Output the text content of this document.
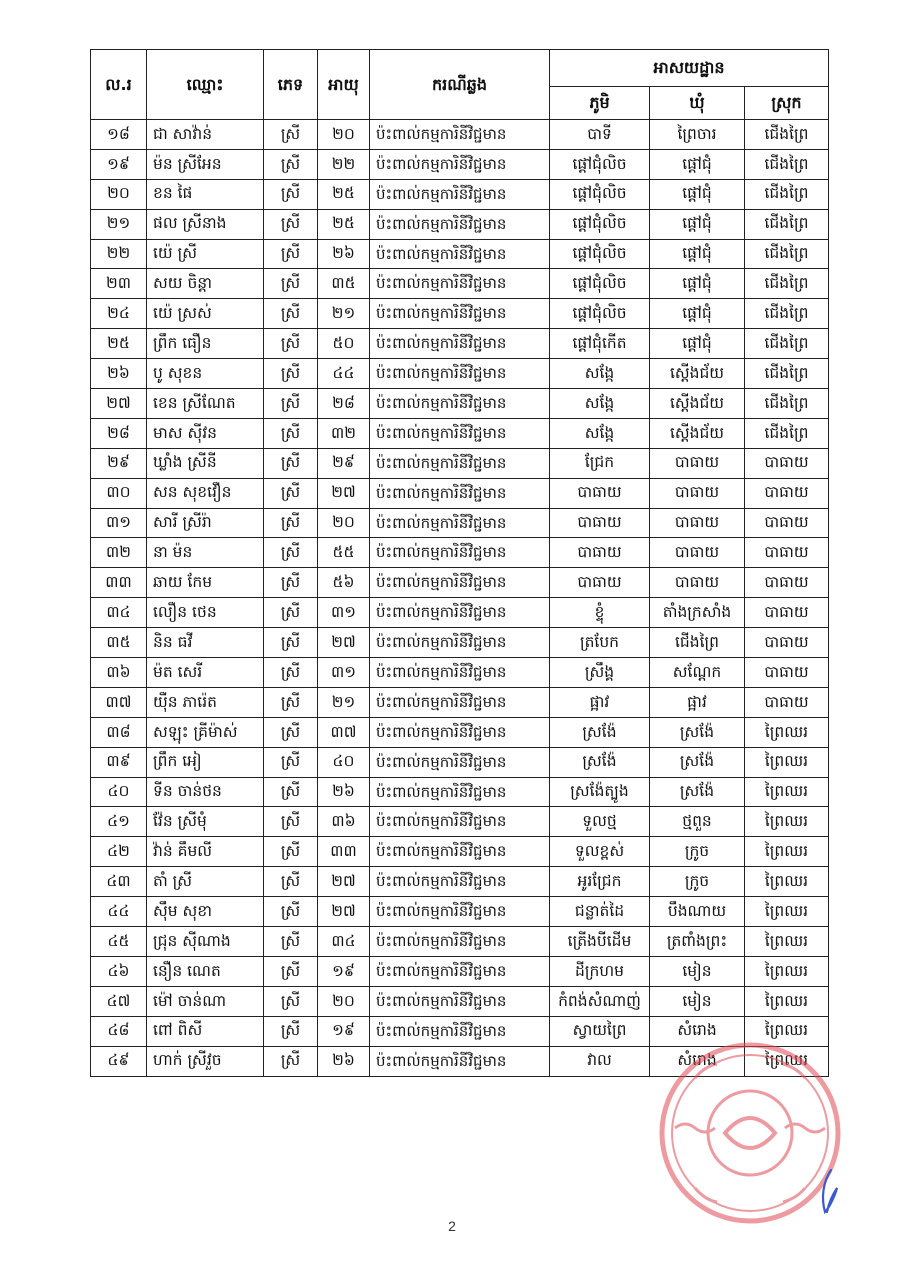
ល.រ	ឈ្មោះ	ភេទ	អាយុ	ករណីឆ្លង	អាសយដ្ឋាន		
					ភូមិ	ឃុំ	ស្រុក
១៨	ជា សាវ៉ាន់	ស្រី	២០	ប៉ះពាល់កម្មការិនីវិជ្ជមាន	បាទី	ព្រៃចារ	ជើងព្រៃ
១៩	ម៉ន ស្រីអែន	ស្រី	២២	ប៉ះពាល់កម្មការិនីវិជ្ជមាន	ផ្តៅជុំលិច	ផ្តៅជុំ	ជើងព្រៃ
២០	ខន ផៃ	ស្រី	២៥	ប៉ះពាល់កម្មការិនីវិជ្ជមាន	ផ្តៅជុំលិច	ផ្តៅជុំ	ជើងព្រៃ
២១	ផល ស្រីនាង	ស្រី	២៥	ប៉ះពាល់កម្មការិនីវិជ្ជមាន	ផ្តៅជុំលិច	ផ្តៅជុំ	ជើងព្រៃ
២២	យ៉េ ស្រី	ស្រី	២៦	ប៉ះពាល់កម្មការិនីវិជ្ជមាន	ផ្តៅជុំលិច	ផ្តៅជុំ	ជើងព្រៃ
២៣	សយ ចិន្តា	ស្រី	៣៥	ប៉ះពាល់កម្មការិនីវិជ្ជមាន	ផ្តៅជុំលិច	ផ្តៅជុំ	ជើងព្រៃ
២៤	យ៉េ ស្រស់	ស្រី	២១	ប៉ះពាល់កម្មការិនីវិជ្ជមាន	ផ្តៅជុំលិច	ផ្តៅជុំ	ជើងព្រៃ
២៥	ព្រឹក ធឿន	ស្រី	៥០	ប៉ះពាល់កម្មការិនីវិជ្ជមាន	ផ្តៅជុំកើត	ផ្តៅជុំ	ជើងព្រៃ
២៦	បូ សុខន	ស្រី	៤៤	ប៉ះពាល់កម្មការិនីវិជ្ជមាន	សង្កែ	ស្តើងជ័យ	ជើងព្រៃ
២៧	ខេន ស្រីណែត	ស្រី	២៨	ប៉ះពាល់កម្មការិនីវិជ្ជមាន	សង្កែ	ស្តើងជ័យ	ជើងព្រៃ
២៨	មាស ស៊ីវន	ស្រី	៣២	ប៉ះពាល់កម្មការិនីវិជ្ជមាន	សង្កែ	ស្តើងជ័យ	ជើងព្រៃ
២៩	ឃ្លាំង ស្រីនី	ស្រី	២៩	ប៉ះពាល់កម្មការិនីវិជ្ជមាន	ជ្រែក	បាធាយ	បាធាយ
៣០	សន សុខវឿន	ស្រី	២៧	ប៉ះពាល់កម្មការិនីវិជ្ជមាន	បាធាយ	បាធាយ	បាធាយ
៣១	សារី ស្រីរ៉ា	ស្រី	២០	ប៉ះពាល់កម្មការិនីវិជ្ជមាន	បាធាយ	បាធាយ	បាធាយ
៣២	នា ម៉ន	ស្រី	៥៥	ប៉ះពាល់កម្មការិនីវិជ្ជមាន	បាធាយ	បាធាយ	បាធាយ
៣៣	ឆាយ កែម	ស្រី	៥៦	ប៉ះពាល់កម្មការិនីវិជ្ជមាន	បាធាយ	បាធាយ	បាធាយ
៣៤	លឿន ថេន	ស្រី	៣១	ប៉ះពាល់កម្មការិនីវិជ្ជមាន	ខ្ទុំ	តាំងក្រសាំង	បាធាយ
៣៥	និន ធវី	ស្រី	២៧	ប៉ះពាល់កម្មការិនីវិជ្ជមាន	ត្របែក	ជើងព្រៃ	បាធាយ
៣៦	ម៉ត សេរី	ស្រី	៣១	ប៉ះពាល់កម្មការិនីវិជ្ជមាន	ស្រឹង្គ	សណ្តែក	បាធាយ
៣៧	យ៉ឺន ភារ៉េត	ស្រី	២១	ប៉ះពាល់កម្មការិនីវិជ្ជមាន	ផ្អាវ	ផ្អាវ	បាធាយ
៣៨	សឡុះ គ្រីម៉ាស់	ស្រី	៣៧	ប៉ះពាល់កម្មការិនីវិជ្ជមាន	ស្រង៉ែ	ស្រង៉ែ	ព្រៃឈរ
៣៩	ព្រឹក អៀ	ស្រី	៤០	ប៉ះពាល់កម្មការិនីវិជ្ជមាន	ស្រង៉ែ	ស្រង៉ែ	ព្រៃឈរ
៤០	ទីន ចាន់ថន	ស្រី	២៦	ប៉ះពាល់កម្មការិនីវិជ្ជមាន	ស្រង៉ែត្បូង	ស្រង៉ែ	ព្រៃឈរ
៤១	វ៉ែន ស្រីមុំ	ស្រី	៣៦	ប៉ះពាល់កម្មការិនីវិជ្ជមាន	ទួលថ្ម	ថ្មពួន	ព្រៃឈរ
៤២	វ៉ាន់ គឹមលី	ស្រី	៣៣	ប៉ះពាល់កម្មការិនីវិជ្ជមាន	ទួលខ្ពស់	ក្រូច	ព្រៃឈរ
៤៣	តាំ ស្រី	ស្រី	២៧	ប៉ះពាល់កម្មការិនីវិជ្ជមាន	អូរជ្រែក	ក្រូច	ព្រៃឈរ
៤៤	ស៊ឹម សុខា	ស្រី	២៧	ប៉ះពាល់កម្មការិនីវិជ្ជមាន	ជន្លាត់ដៃ	បឹងណាយ	ព្រៃឈរ
៤៥	ជ្រុន ស៊ីណាង	ស្រី	៣៤	ប៉ះពាល់កម្មការិនីវិជ្ជមាន	ត្រើងបីដើម	ត្រពាំងព្រះ	ព្រៃឈរ
៤៦	នឿន ណេត	ស្រី	១៩	ប៉ះពាល់កម្មការិនីវិជ្ជមាន	ដីក្រហម	មៀន	ព្រៃឈរ
៤៧	ម៉ៅ ចាន់ណា	ស្រី	២០	ប៉ះពាល់កម្មការិនីវិជ្ជមាន	កំពង់សំណាញ់	មៀន	ព្រៃឈរ
៤៨	ពៅ ពិសី	ស្រី	១៩	ប៉ះពាល់កម្មការិនីវិជ្ជមាន	ស្វាយព្រៃ	សំរោង	ព្រៃឈរ
៤៩	ហាក់ ស្រីវួច	ស្រី	២៦	ប៉ះពាល់កម្មការិនីវិជ្ជមាន	វាល	សំរោង	ព្រៃឈរ
2
